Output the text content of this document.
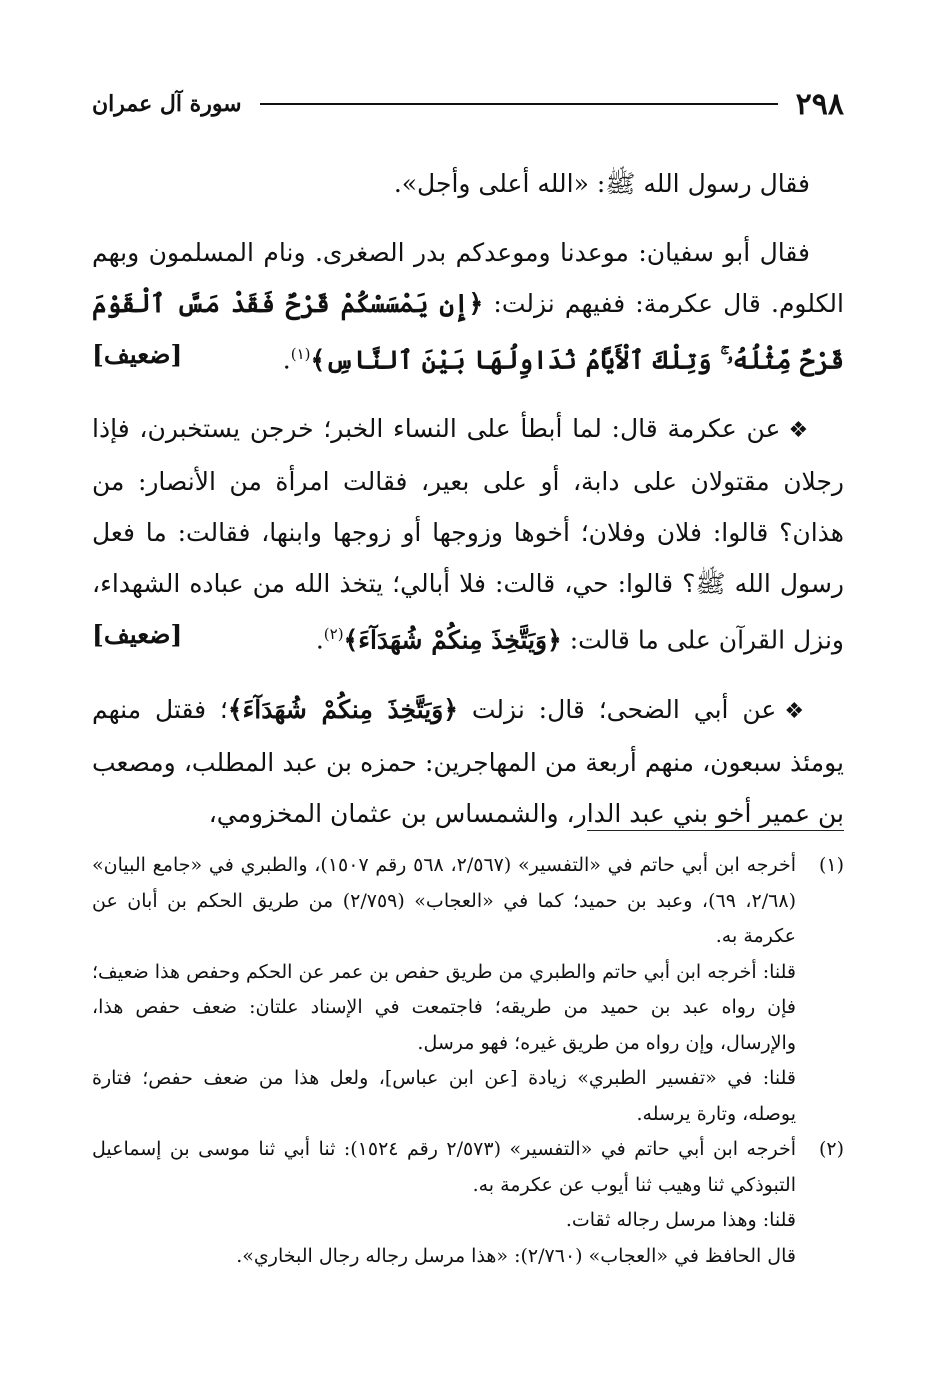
٢٩٨
سورة آل عمران

فقال رسول الله ﷺ: «الله أعلى وأجل».

فقال أبو سفيان: موعدنا وموعدكم بدر الصغرى. ونام المسلمون وبهم الكلوم. قال عكرمة: ففيهم نزلت: ﴿إِن يَمْسَسْكُمْ قَرْحٌ فَقَدْ مَسَّ ٱلْقَوْمَ قَرْحٌ مِّثْلُهُۥ ۚ وَتِلْكَ ٱلْأَيَّامُ نُدَاوِلُهَا بَيْنَ ٱلنَّاسِ﴾$^{(١)}$.
[ضعيف]

❖عن عكرمة قال: لما أبطأ على النساء الخبر؛ خرجن يستخبرن، فإذا رجلان مقتولان على دابة، أو على بعير، فقالت امرأة من الأنصار: من هذان؟ قالوا: فلان وفلان؛ أخوها وزوجها أو زوجها وابنها، فقالت: ما فعل رسول الله ﷺ؟ قالوا: حي، قالت: فلا أبالي؛ يتخذ الله من عباده الشهداء، ونزل القرآن على ما قالت: ﴿وَيَتَّخِذَ مِنكُمْ شُهَدَآءَ﴾$^{(٢)}$.
[ضعيف]

❖عن أبي الضحى؛ قال: نزلت ﴿وَيَتَّخِذَ مِنكُمْ شُهَدَآءَ﴾؛ فقتل منهم يومئذ سبعون، منهم أربعة من المهاجرين: حمزه بن عبد المطلب، ومصعب بن عمير أخو بني عبد الدار، والشمساس بن عثمان المخزومي،

(١)
أخرجه ابن أبي حاتم في «التفسير» (٢/٥٦٧، ٥٦٨ رقم ١٥٠٧)، والطبري في «جامع البيان» (٢/٦٨، ٦٩)، وعبد بن حميد؛ كما في «العجاب» (٢/٧٥٩) من طريق الحكم بن أبان عن عكرمة به.
قلنا: أخرجه ابن أبي حاتم والطبري من طريق حفص بن عمر عن الحكم وحفص هذا ضعيف؛ فإن رواه عبد بن حميد من طريقه؛ فاجتمعت في الإسناد علتان: ضعف حفص هذا، والإرسال، وإن رواه من طريق غيره؛ فهو مرسل.
قلنا: في «تفسير الطبري» زيادة [عن ابن عباس]، ولعل هذا من ضعف حفص؛ فتارة يوصله، وتارة يرسله.
(٢)
أخرجه ابن أبي حاتم في «التفسير» (٢/٥٧٣ رقم ١٥٢٤): ثنا أبي ثنا موسى بن إسماعيل التبوذكي ثنا وهيب ثنا أيوب عن عكرمة به.
قلنا: وهذا مرسل رجاله ثقات.
قال الحافظ في «العجاب» (٢/٧٦٠): «هذا مرسل رجاله رجال البخاري».
